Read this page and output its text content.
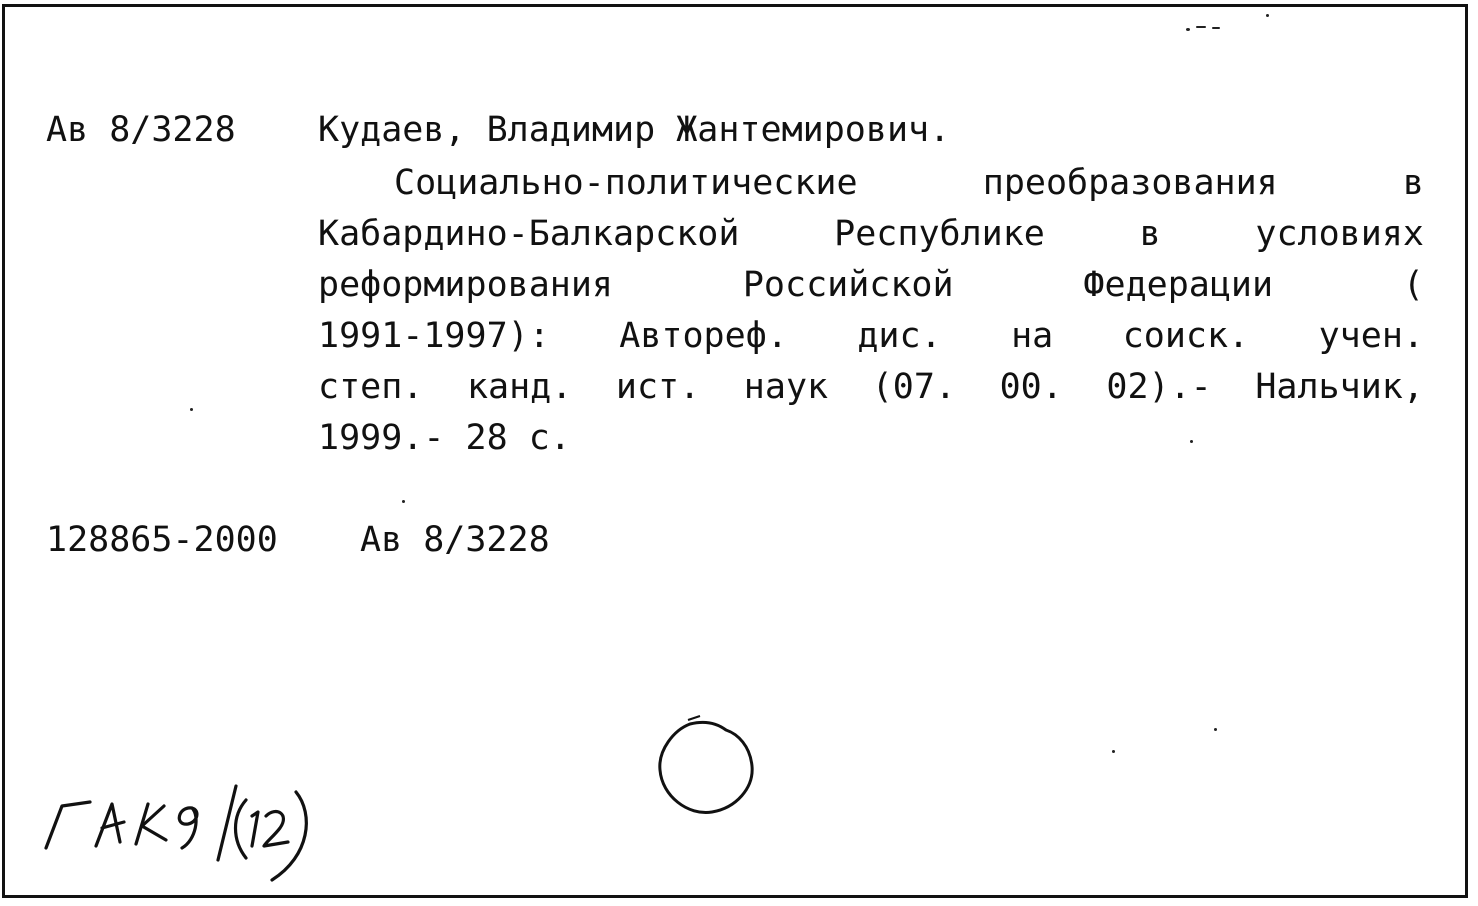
Ав 8/3228 Кудаев, Владимир Жантемирович.
Социально-политические	преобразования	в
Кабардино-Балкарской	Республике	в	условиях
реформирования	Российской	Федерации	(
1991-1997): Автореф. дис. на соиск. учен.
степ. канд. ист. наук (07. 00. 02).- Нальчик,
1999.- 28 с.
128865-2000 Ав 8/3228
